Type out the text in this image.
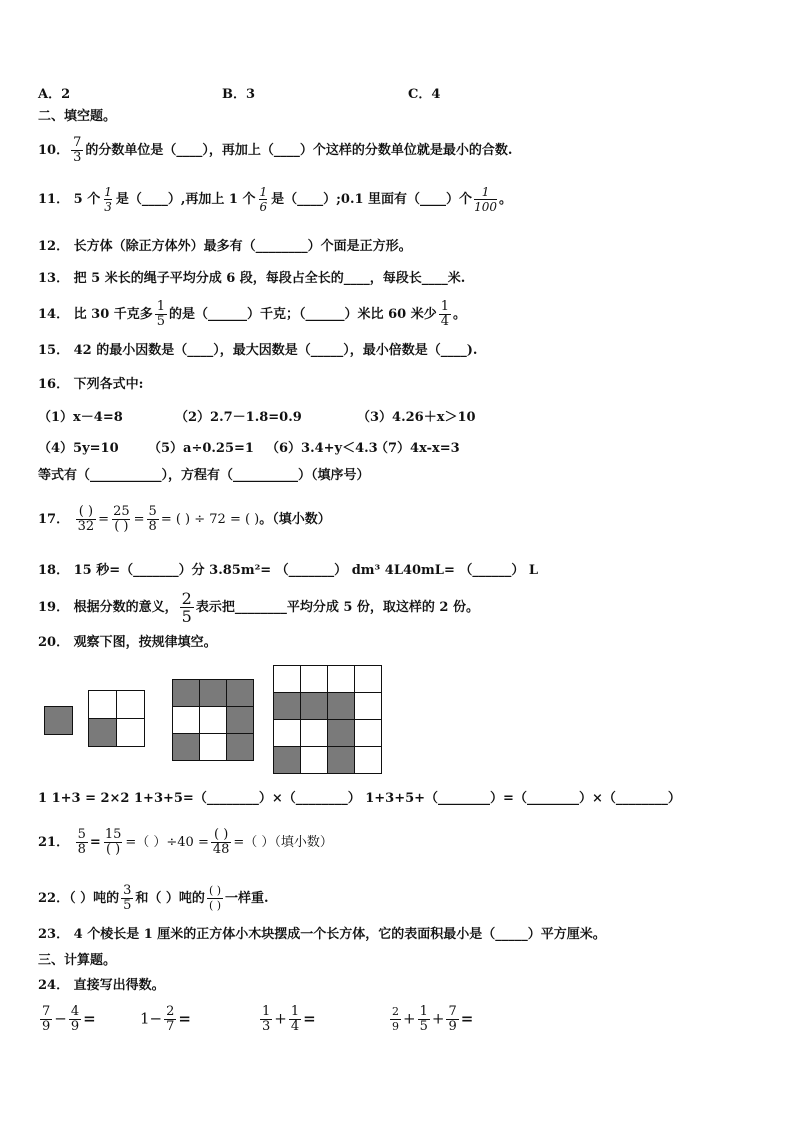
A．2	B．3	C．4
二、填空题。
10． $\frac{7}{3}$ 的分数单位是（____），再加上（____）个这样的分数单位就是最小的合数.
11． 5 个 $\frac{1}{3}$ 是（____）,再加上 1 个 $\frac{1}{6}$ 是（____）;0.1 里面有（____）个 $\frac{1}{100}$ 。
12． 长方体（除正方体外）最多有（________）个面是正方形。
13． 把 5 米长的绳子平均分成 6 段，每段占全长的____，每段长____米.
14． 比 30 千克多 $\frac{1}{5}$ 的是（______）千克；（______）米比 60 米少 $\frac{1}{4}$ 。
15． 42 的最小因数是（____），最大因数是（_____），最小倍数是（____).
16． 下列各式中:
（1）x－4=8	（2）2.7－1.8=0.9	（3）4.26＋x＞10
（4）5y=10 （5）a÷0.25=1 （6）3.4+y＜4.3
（7）4x-x=3
等式有（___________），方程有（__________）（填序号）
17． $\frac{( )}{32} = \frac{25}{( )} = \frac{5}{8}$ = ( ) ÷ 72 = ( )。（填小数）
18． 15 秒=（_______）分 3.85m²= （_______） dm³ 4L40mL= （______） L
19． 根据分数的意义， $\frac{2}{5}$ 表示把________平均分成 5 份，取这样的 2 份。
20． 观察下图，按规律填空。
1 1+3 = 2×2 1+3+5=（________）×（________） 1+3+5+（________）=（________）×（________）
21． $\frac{5}{8} = \frac{15}{( )}$ =（ ）$\div 40 = \frac{( )}{48}$ =（ ）（填小数）
22．（ ）吨的 $\frac{3}{5}$ 和（ ）吨的 $\frac{( )}{( )}$ 一样重.
23． 4 个棱长是 1 厘米的正方体小木块摆成一个长方体，它的表面积最小是（_____）平方厘米。
三、计算题。
24． 直接写出得数。
$\frac{7}{9} - \frac{4}{9}$ =	$1- \frac{2}{7}$ =	$\frac{1}{3} + \frac{1}{4}$ =	$\frac{2}{9} + \frac{1}{5} + \frac{7}{9}$ =
